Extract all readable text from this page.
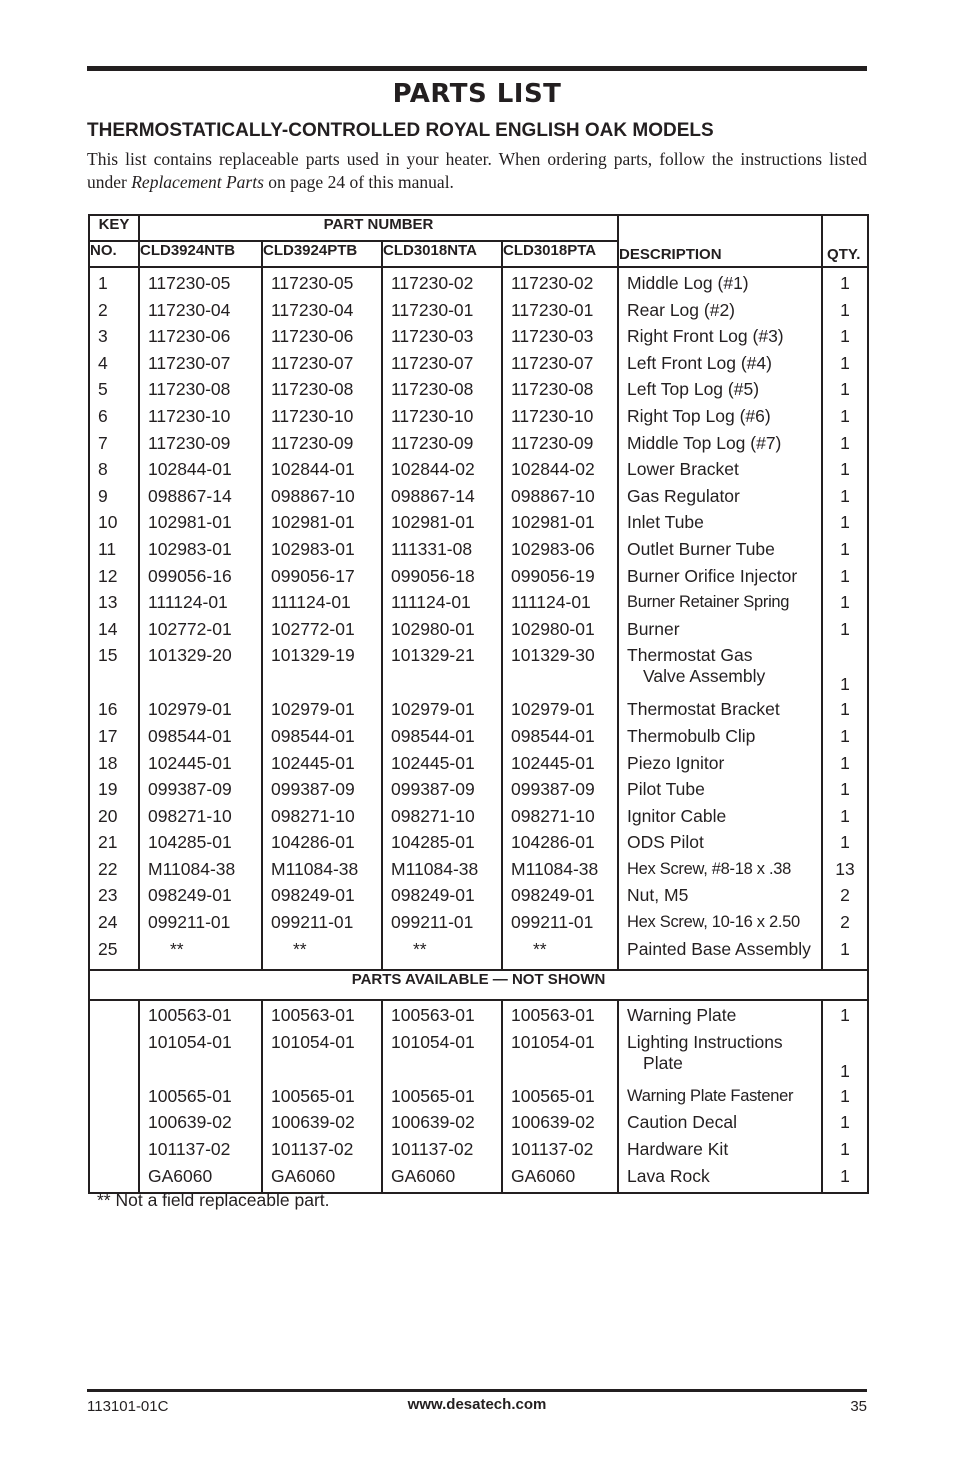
PARTS LIST
THERMOSTATICALLY-CONTROLLED ROYAL ENGLISH OAK MODELS
This list contains replaceable parts used in your heater. When ordering parts, follow the instructions listed under Replacement Parts on page 24 of this manual.
KEY	PART NUMBER				DESCRIPTION	QTY.
NO.	CLD3924NTB	CLD3924PTB	CLD3018NTA	CLD3018PTA		
1	117230-05	117230-05	117230-02	117230-02	Middle Log (#1)	1
2	117230-04	117230-04	117230-01	117230-01	Rear Log (#2)	1
3	117230-06	117230-06	117230-03	117230-03	Right Front Log (#3)	1
4	117230-07	117230-07	117230-07	117230-07	Left Front Log (#4)	1
5	117230-08	117230-08	117230-08	117230-08	Left Top Log (#5)	1
6	117230-10	117230-10	117230-10	117230-10	Right Top Log (#6)	1
7	117230-09	117230-09	117230-09	117230-09	Middle Top Log (#7)	1
8	102844-01	102844-01	102844-02	102844-02	Lower Bracket	1
9	098867-14	098867-10	098867-14	098867-10	Gas Regulator	1
10	102981-01	102981-01	102981-01	102981-01	Inlet Tube	1
11	102983-01	102983-01	111331-08	102983-06	Outlet Burner Tube	1
12	099056-16	099056-17	099056-18	099056-19	Burner Orifice Injector	1
13	111124-01	111124-01	111124-01	111124-01	Burner Retainer Spring	1
14	102772-01	102772-01	102980-01	102980-01	Burner	1
15	101329-20	101329-19	101329-21	101329-30	Thermostat Gas
Valve Assembly	1
16	102979-01	102979-01	102979-01	102979-01	Thermostat Bracket	1
17	098544-01	098544-01	098544-01	098544-01	Thermobulb Clip	1
18	102445-01	102445-01	102445-01	102445-01	Piezo Ignitor	1
19	099387-09	099387-09	099387-09	099387-09	Pilot Tube	1
20	098271-10	098271-10	098271-10	098271-10	Ignitor Cable	1
21	104285-01	104286-01	104285-01	104286-01	ODS Pilot	1
22	M11084-38	M11084-38	M11084-38	M11084-38	Hex Screw, #8-18 x .38	13
23	098249-01	098249-01	098249-01	098249-01	Nut, M5	2
24	099211-01	099211-01	099211-01	099211-01	Hex Screw, 10-16 x 2.50	2
25	**	**	**	**	Painted Base Assembly	1
PARTS AVAILABLE — NOT SHOWN						
	100563-01	100563-01	100563-01	100563-01	Warning Plate	1
	101054-01	101054-01	101054-01	101054-01	Lighting Instructions
Plate	1
	100565-01	100565-01	100565-01	100565-01	Warning Plate Fastener	1
	100639-02	100639-02	100639-02	100639-02	Caution Decal	1
	101137-02	101137-02	101137-02	101137-02	Hardware Kit	1
	GA6060	GA6060	GA6060	GA6060	Lava Rock	1
** Not a field replaceable part.
113101-01C	www.desatech.com	35
